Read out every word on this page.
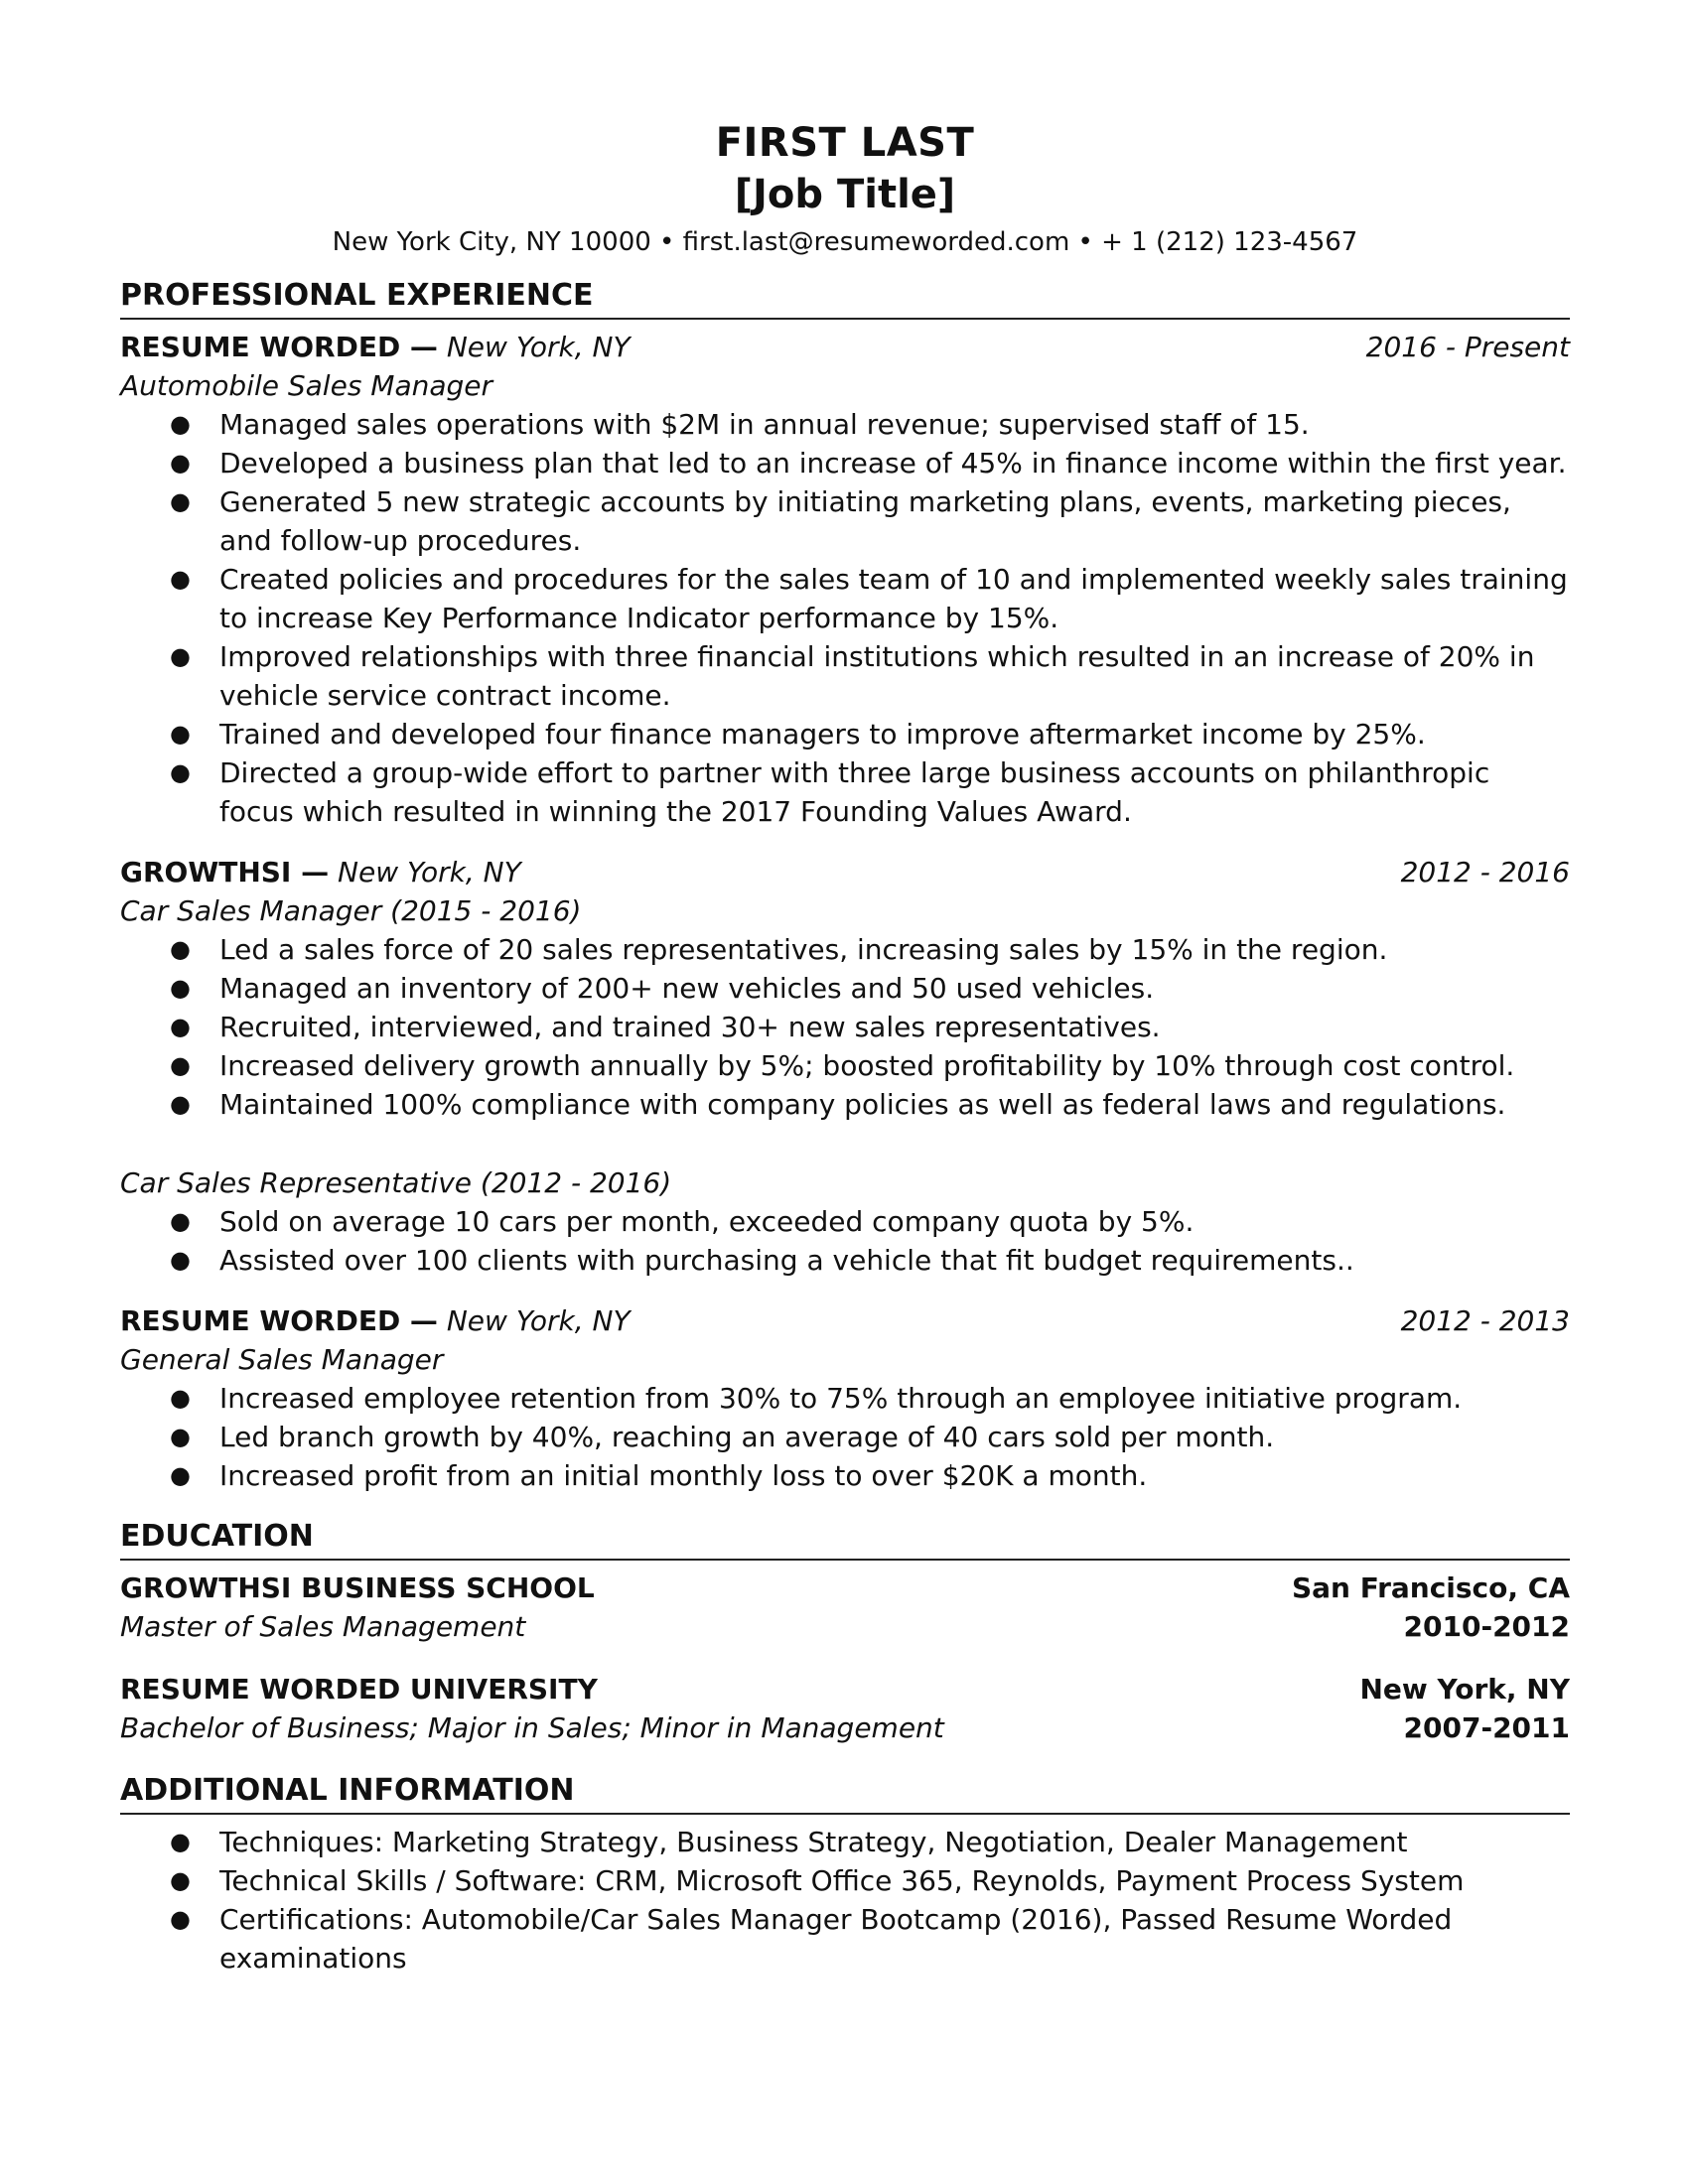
FIRST LAST
[Job Title]
New York City, NY 10000 • first.last@resumeworded.com • + 1 (212) 123-4567
PROFESSIONAL EXPERIENCE
RESUME WORDED — New York, NY	2016 - Present
Automobile Sales Manager
● Managed sales operations with $2M in annual revenue; supervised staff of 15.
● Developed a business plan that led to an increase of 45% in finance income within the first year.
● Generated 5 new strategic accounts by initiating marketing plans, events, marketing pieces, and follow-up procedures.
● Created policies and procedures for the sales team of 10 and implemented weekly sales training to increase Key Performance Indicator performance by 15%.
● Improved relationships with three financial institutions which resulted in an increase of 20% in vehicle service contract income.
● Trained and developed four finance managers to improve aftermarket income by 25%.
● Directed a group-wide effort to partner with three large business accounts on philanthropic focus which resulted in winning the 2017 Founding Values Award.
GROWTHSI — New York, NY	2012 - 2016
Car Sales Manager (2015 - 2016)
● Led a sales force of 20 sales representatives, increasing sales by 15% in the region.
● Managed an inventory of 200+ new vehicles and 50 used vehicles.
● Recruited, interviewed, and trained 30+ new sales representatives.
● Increased delivery growth annually by 5%; boosted profitability by 10% through cost control.
● Maintained 100% compliance with company policies as well as federal laws and regulations.
Car Sales Representative (2012 - 2016)
● Sold on average 10 cars per month, exceeded company quota by 5%.
● Assisted over 100 clients with purchasing a vehicle that fit budget requirements..
RESUME WORDED — New York, NY	2012 - 2013
General Sales Manager
● Increased employee retention from 30% to 75% through an employee initiative program.
● Led branch growth by 40%, reaching an average of 40 cars sold per month.
● Increased profit from an initial monthly loss to over $20K a month.
EDUCATION
GROWTHSI BUSINESS SCHOOL	San Francisco, CA
Master of Sales Management	2010-2012
RESUME WORDED UNIVERSITY	New York, NY
Bachelor of Business; Major in Sales; Minor in Management	2007-2011
ADDITIONAL INFORMATION
● Techniques: Marketing Strategy, Business Strategy, Negotiation, Dealer Management
● Technical Skills / Software: CRM, Microsoft Office 365, Reynolds, Payment Process System
● Certifications: Automobile/Car Sales Manager Bootcamp (2016), Passed Resume Worded examinations
